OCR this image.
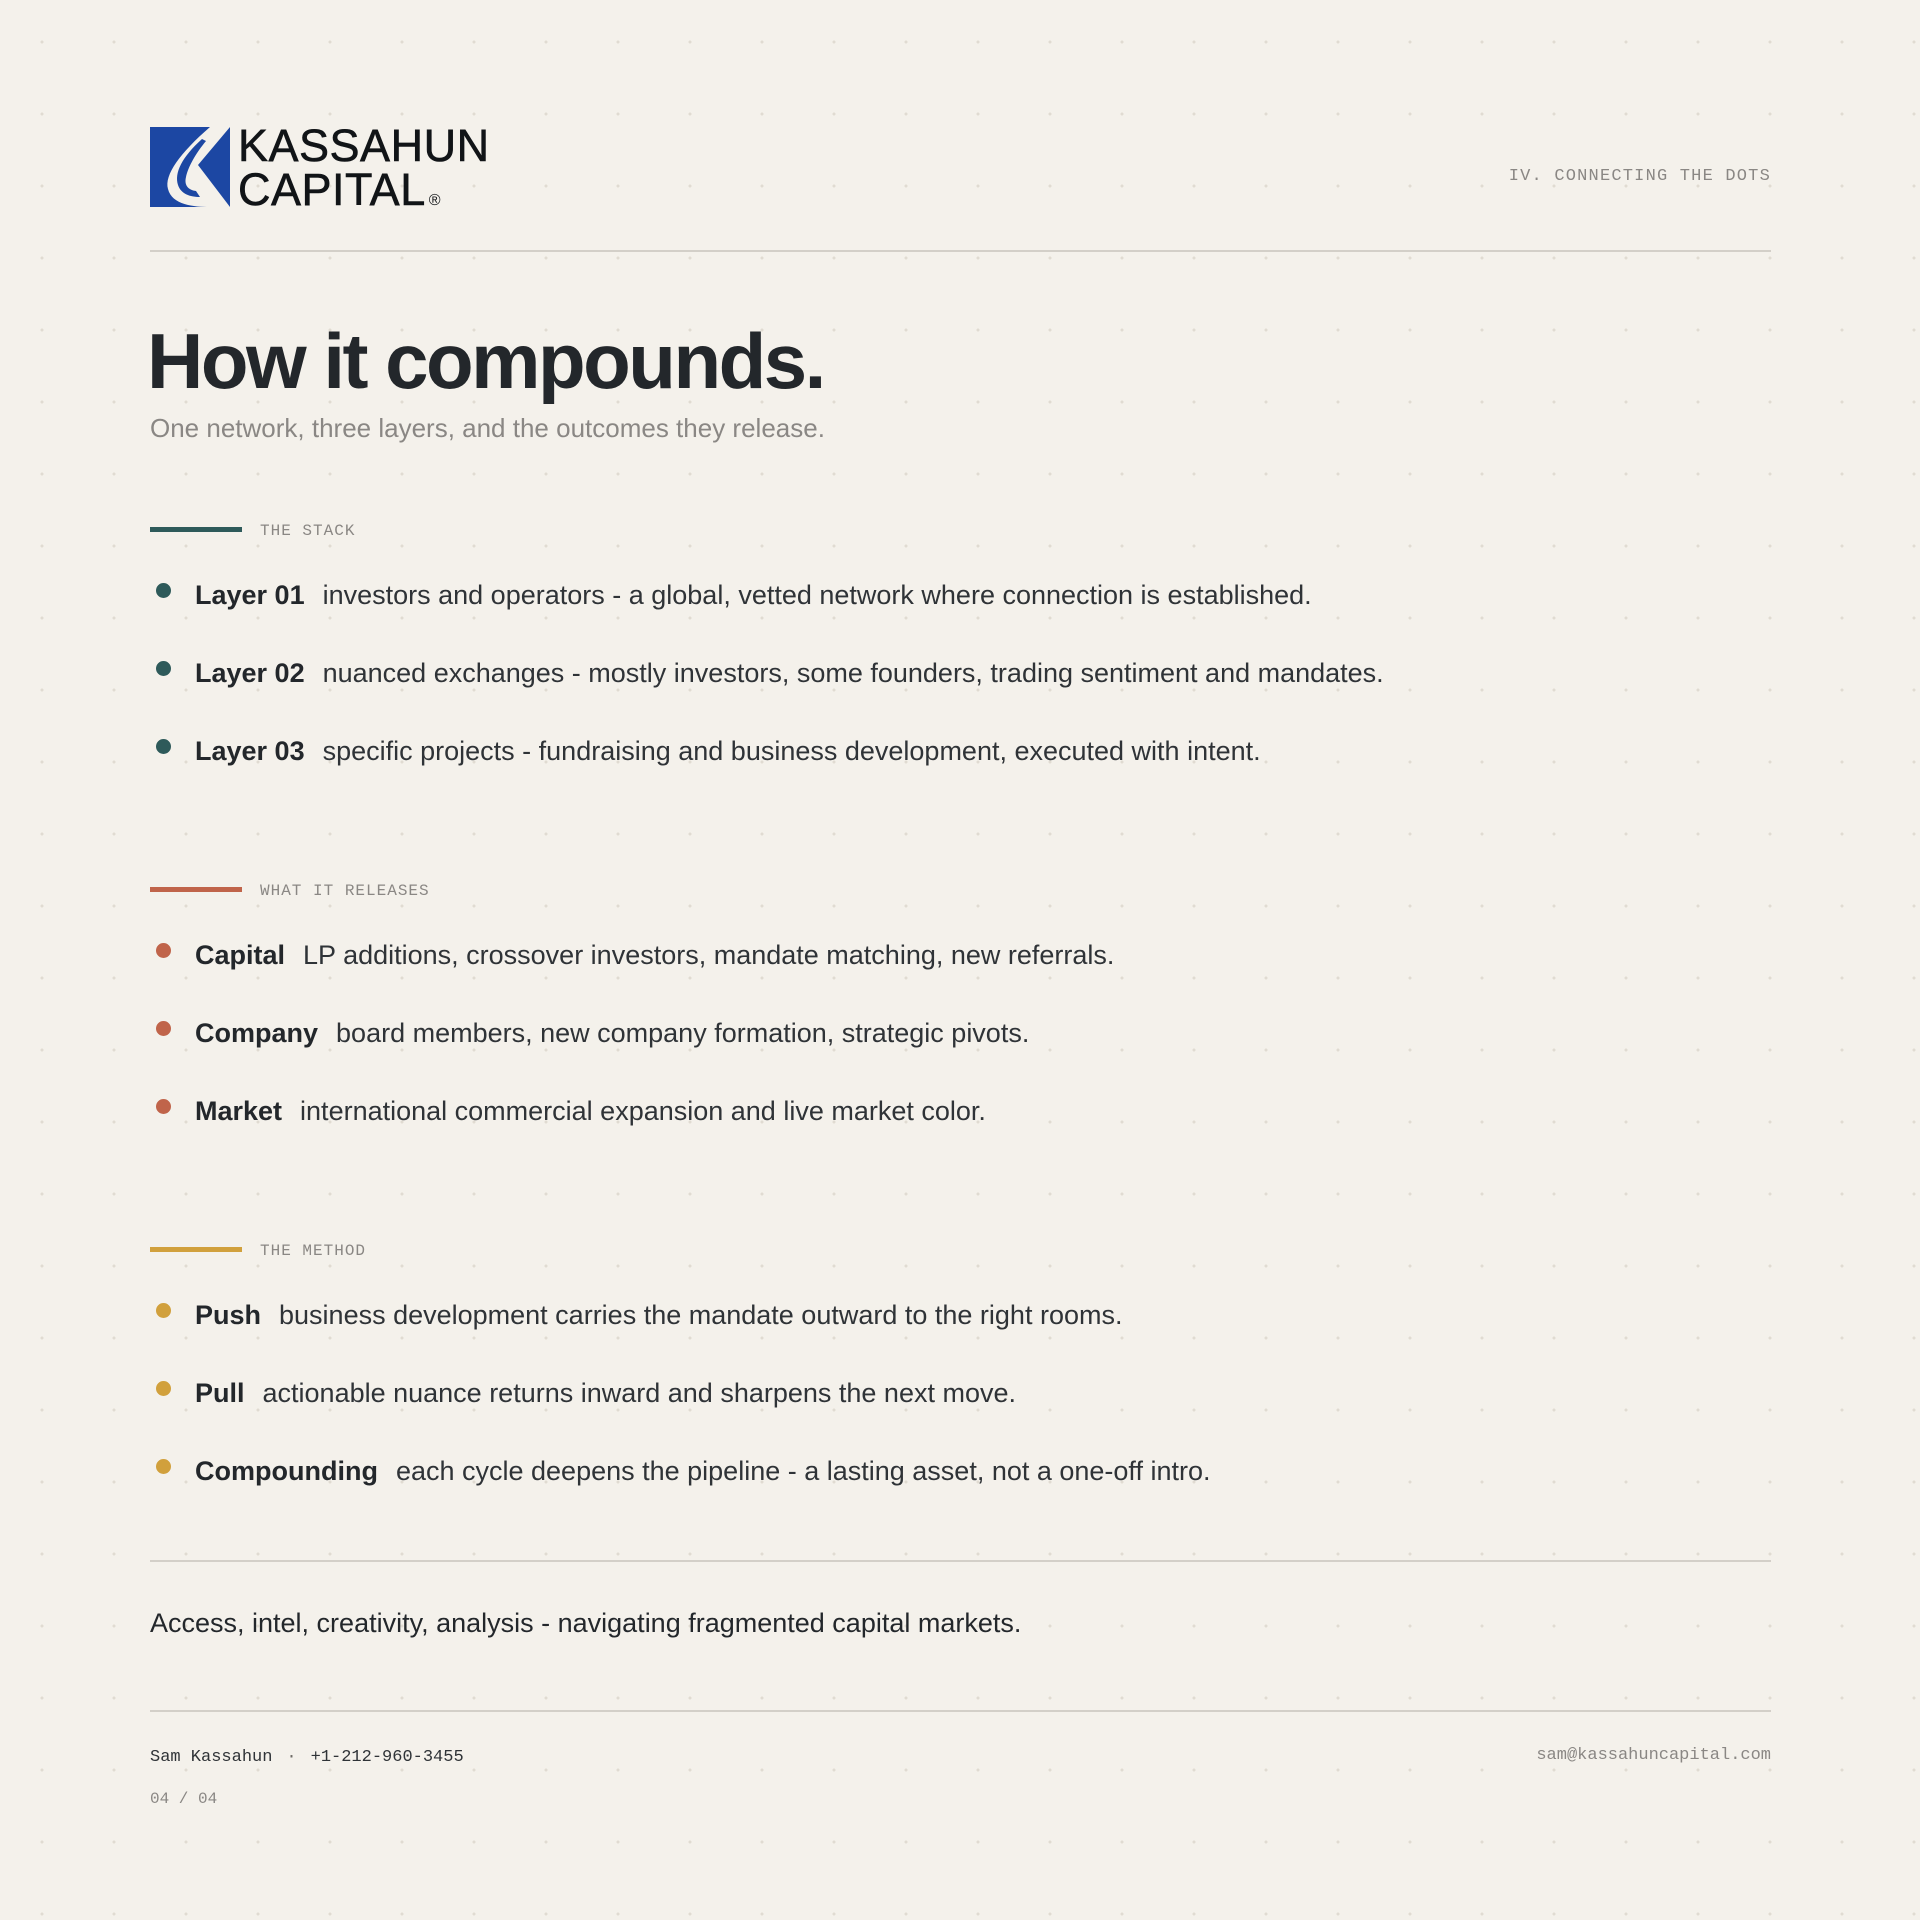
KASSAHUN
CAPITAL ®
IV. CONNECTING THE DOTS
How it compounds.

One network, three layers, and the outcomes they release.

THE STACK
Layer 01 investors and operators - a global, vetted network where connection is established.
Layer 02 nuanced exchanges - mostly investors, some founders, trading sentiment and mandates.
Layer 03 specific projects - fundraising and business development, executed with intent.
WHAT IT RELEASES
Capital LP additions, crossover investors, mandate matching, new referrals.
Company board members, new company formation, strategic pivots.
Market international commercial expansion and live market color.
THE METHOD
Push business development carries the mandate outward to the right rooms.
Pull actionable nuance returns inward and sharpens the next move.
Compounding each cycle deepens the pipeline - a lasting asset, not a one-off intro.

Access, intel, creativity, analysis - navigating fragmented capital markets.

Sam Kassahun · +1-212-960-3455	sam@kassahuncapital.com
04 / 04
